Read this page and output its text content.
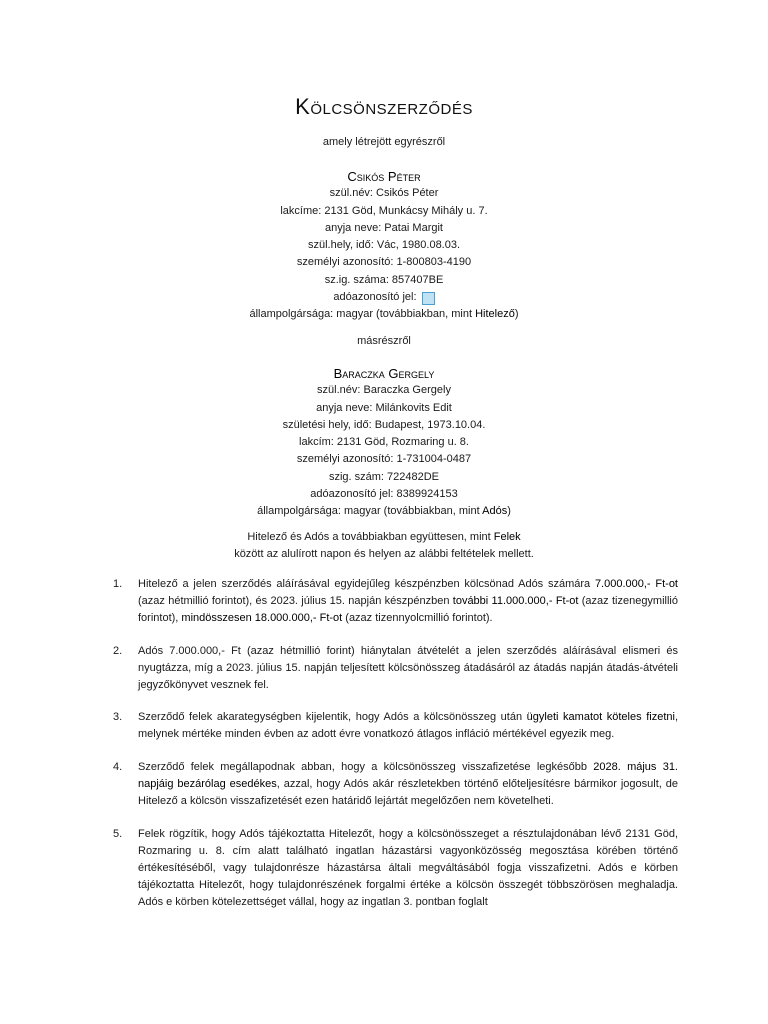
Kölcsönszerződés
amely létrejött egyrészről
Csikós Péter
szül.név: Csikós Péter
lakcíme: 2131 Göd, Munkácsy Mihály u. 7.
anyja neve: Patai Margit
szül.hely, idő: Vác, 1980.08.03.
személyi azonosító: 1-800803-4190
sz.ig. száma: 857407BE
adóazonosító jel:
állampolgársága: magyar (továbbiakban, mint Hitelező)
másrészről
Baraczka Gergely
szül.név: Baraczka Gergely
anyja neve: Milánkovits Edit
születési hely, idő: Budapest, 1973.10.04.
lakcím: 2131 Göd, Rozmaring u. 8.
személyi azonosító: 1-731004-0487
szig. szám: 722482DE
adóazonosító jel: 8389924153
állampolgársága: magyar (továbbiakban, mint Adós)
Hitelező és Adós a továbbiakban együttesen, mint Felek
között az alulírott napon és helyen az alábbi feltételek mellett.
1. Hitelező a jelen szerződés aláírásával egyidejűleg készpénzben kölcsönad Adós számára 7.000.000,- Ft-ot (azaz hétmillió forintot), és 2023. július 15. napján készpénzben további 11.000.000,- Ft-ot (azaz tizenegymillió forintot), mindösszesen 18.000.000,- Ft-ot (azaz tizennyolcmillió forintot).
2. Adós 7.000.000,- Ft (azaz hétmillió forint) hiánytalan átvételét a jelen szerződés aláírásával elismeri és nyugtázza, míg a 2023. július 15. napján teljesített kölcsönösszeg átadásáról az átadás napján átadás-átvételi jegyzőkönyvet vesznek fel.
3. Szerződő felek akarategységben kijelentik, hogy Adós a kölcsönösszeg után ügyleti kamatot köteles fizetni, melynek mértéke minden évben az adott évre vonatkozó átlagos infláció mértékével egyezik meg.
4. Szerződő felek megállapodnak abban, hogy a kölcsönösszeg visszafizetése legkésőbb 2028. május 31. napjáig bezárólag esedékes, azzal, hogy Adós akár részletekben történő előteljesítésre bármikor jogosult, de Hitelező a kölcsön visszafizetését ezen határidő lejártát megelőzően nem követelheti.
5. Felek rögzítik, hogy Adós tájékoztatta Hitelezőt, hogy a kölcsönösszeget a résztulajdonában lévő 2131 Göd, Rozmaring u. 8. cím alatt található ingatlan házastársi vagyonközösség megosztása körében történő értékesítéséből, vagy tulajdonrésze házastársa általi megváltásából fogja visszafizetni. Adós e körben tájékoztatta Hitelezőt, hogy tulajdonrészének forgalmi értéke a kölcsön összegét többszörösen meghaladja. Adós e körben kötelezettséget vállal, hogy az ingatlan 3. pontban foglalt
